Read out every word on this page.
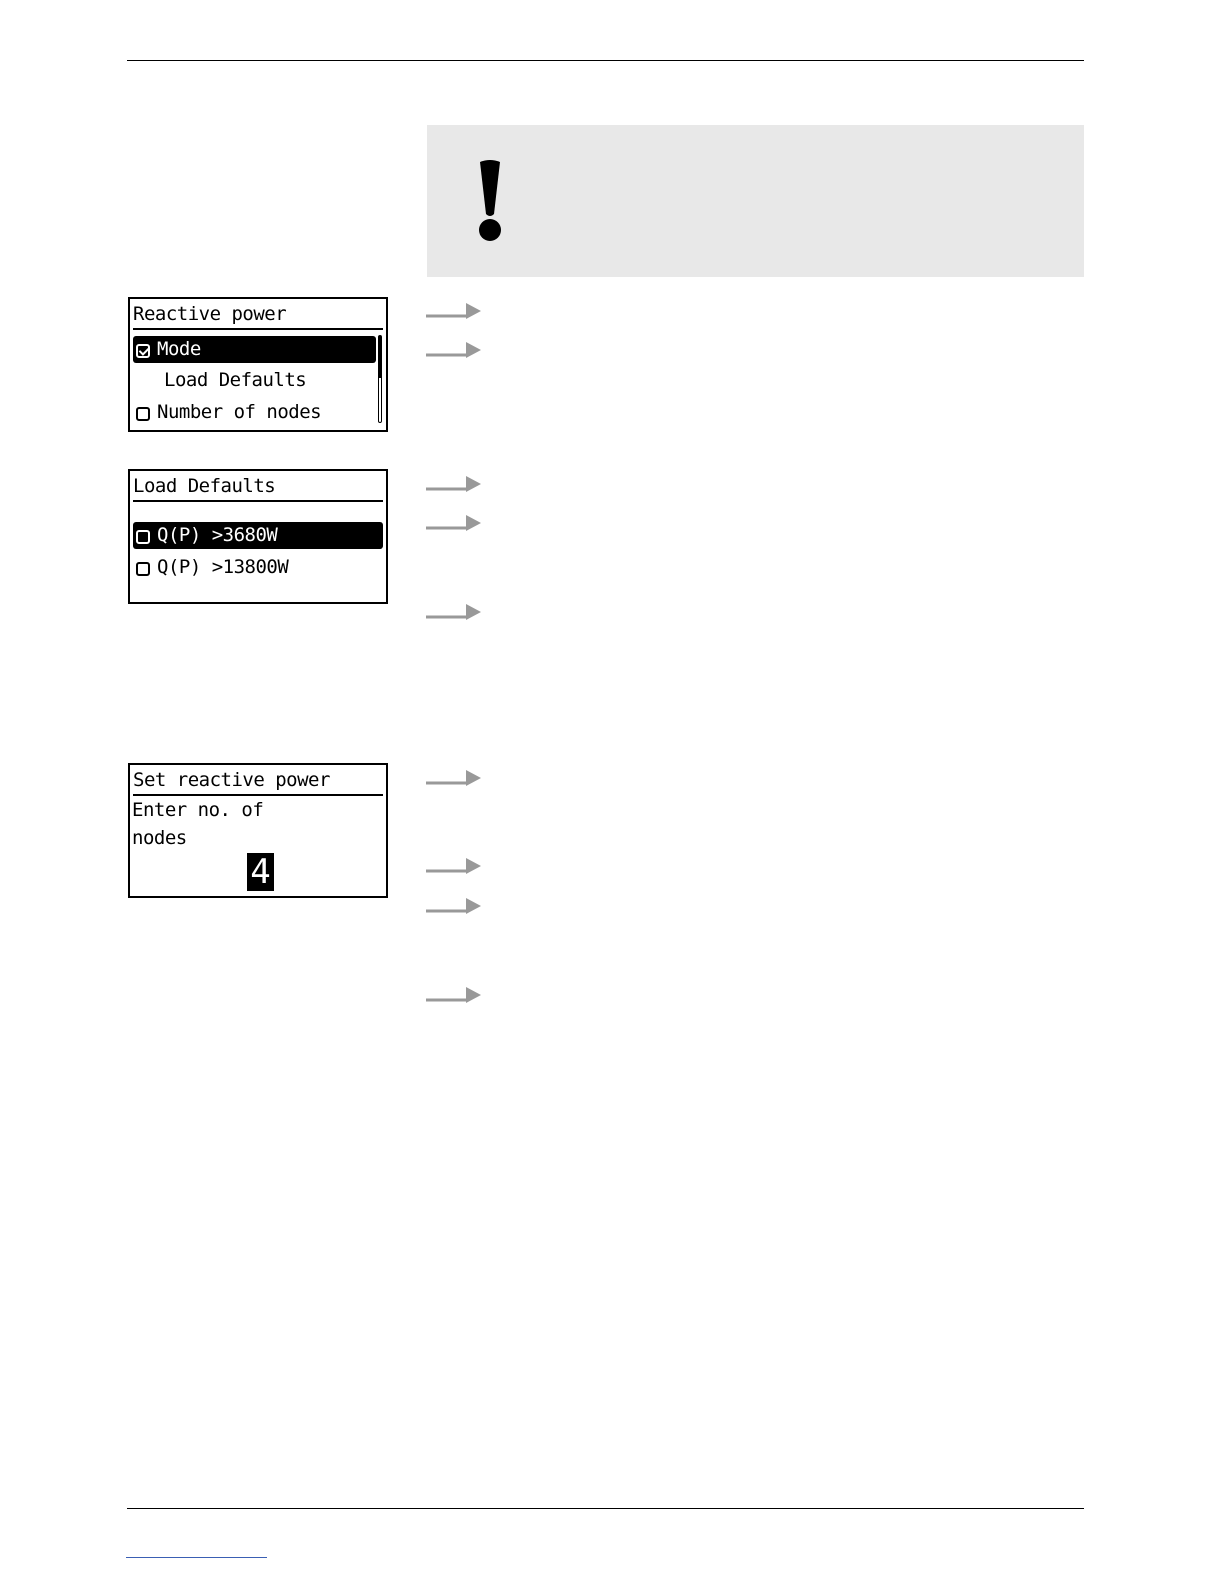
Reactive power
Mode
Load Defaults
Number of nodes
Load Defaults
Q(P) >3680W
Q(P) >13800W
Set reactive power
Enter no. of
nodes
4
